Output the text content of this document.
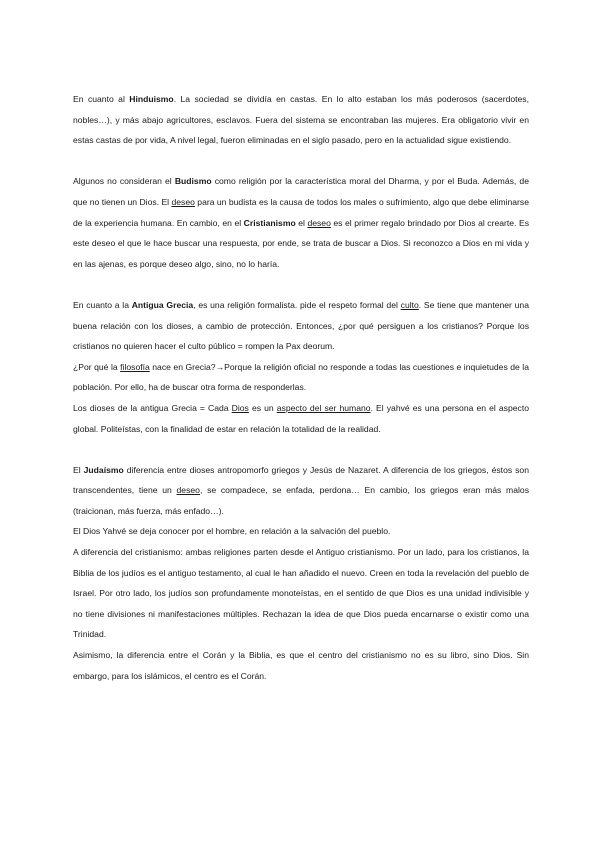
En cuanto al Hinduismo. La sociedad se dividía en castas. En lo alto estaban los más poderosos (sacerdotes, nobles…), y más abajo agricultores, esclavos. Fuera del sistema se encontraban las mujeres. Era obligatorio vivir en estas castas de por vida, A nivel legal, fueron eliminadas en el siglo pasado, pero en la actualidad sigue existiendo.

Algunos no consideran el Budismo como religión por la característica moral del Dharma, y por el Buda. Además, de que no tienen un Dios. El deseo para un budista es la causa de todos los males o sufrimiento, algo que debe eliminarse de la experiencia humana. En cambio, en el Cristianismo el deseo es el primer regalo brindado por Dios al crearte. Es este deseo el que le hace buscar una respuesta, por ende, se trata de buscar a Dios. Si reconozco a Dios en mi vida y en las ajenas, es porque deseo algo, sino, no lo haría.

En cuanto a la Antigua Grecia, es una religión formalista. pide el respeto formal del culto. Se tiene que mantener una buena relación con los dioses, a cambio de protección. Entonces, ¿por qué persiguen a los cristianos? Porque los cristianos no quieren hacer el culto público = rompen la Pax deorum.

¿Por qué la filosofía nace en Grecia?→Porque la religión oficial no responde a todas las cuestiones e inquietudes de la población. Por ello, ha de buscar otra forma de responderlas.

Los dioses de la antigua Grecia = Cada Dios es un aspecto del ser humano. El yahvé es una persona en el aspecto global. Politeístas, con la finalidad de estar en relación la totalidad de la realidad.

El Judaísmo diferencia entre dioses antropomorfo griegos y Jesús de Nazaret. A diferencia de los griegos, éstos son transcendentes, tiene un deseo, se compadece, se enfada, perdona… En cambio, los griegos eran más malos (traicionan, más fuerza, más enfado…).

El Dios Yahvé se deja conocer por el hombre, en relación a la salvación del pueblo.

A diferencia del cristianismo: ambas religiones parten desde el Antiguo cristianismo. Por un lado, para los cristianos, la Biblia de los judíos es el antiguo testamento, al cual le han añadido el nuevo. Creen en toda la revelación del pueblo de Israel. Por otro lado, los judíos son profundamente monoteístas, en el sentido de que Dios es una unidad indivisible y no tiene divisiones ni manifestaciones múltiples. Rechazan la idea de que Dios pueda encarnarse o existir como una Trinidad.

Asimismo, la diferencia entre el Corán y la Biblia, es que el centro del cristianismo no es su libro, sino Dios. Sin embargo, para los islámicos, el centro es el Corán.
